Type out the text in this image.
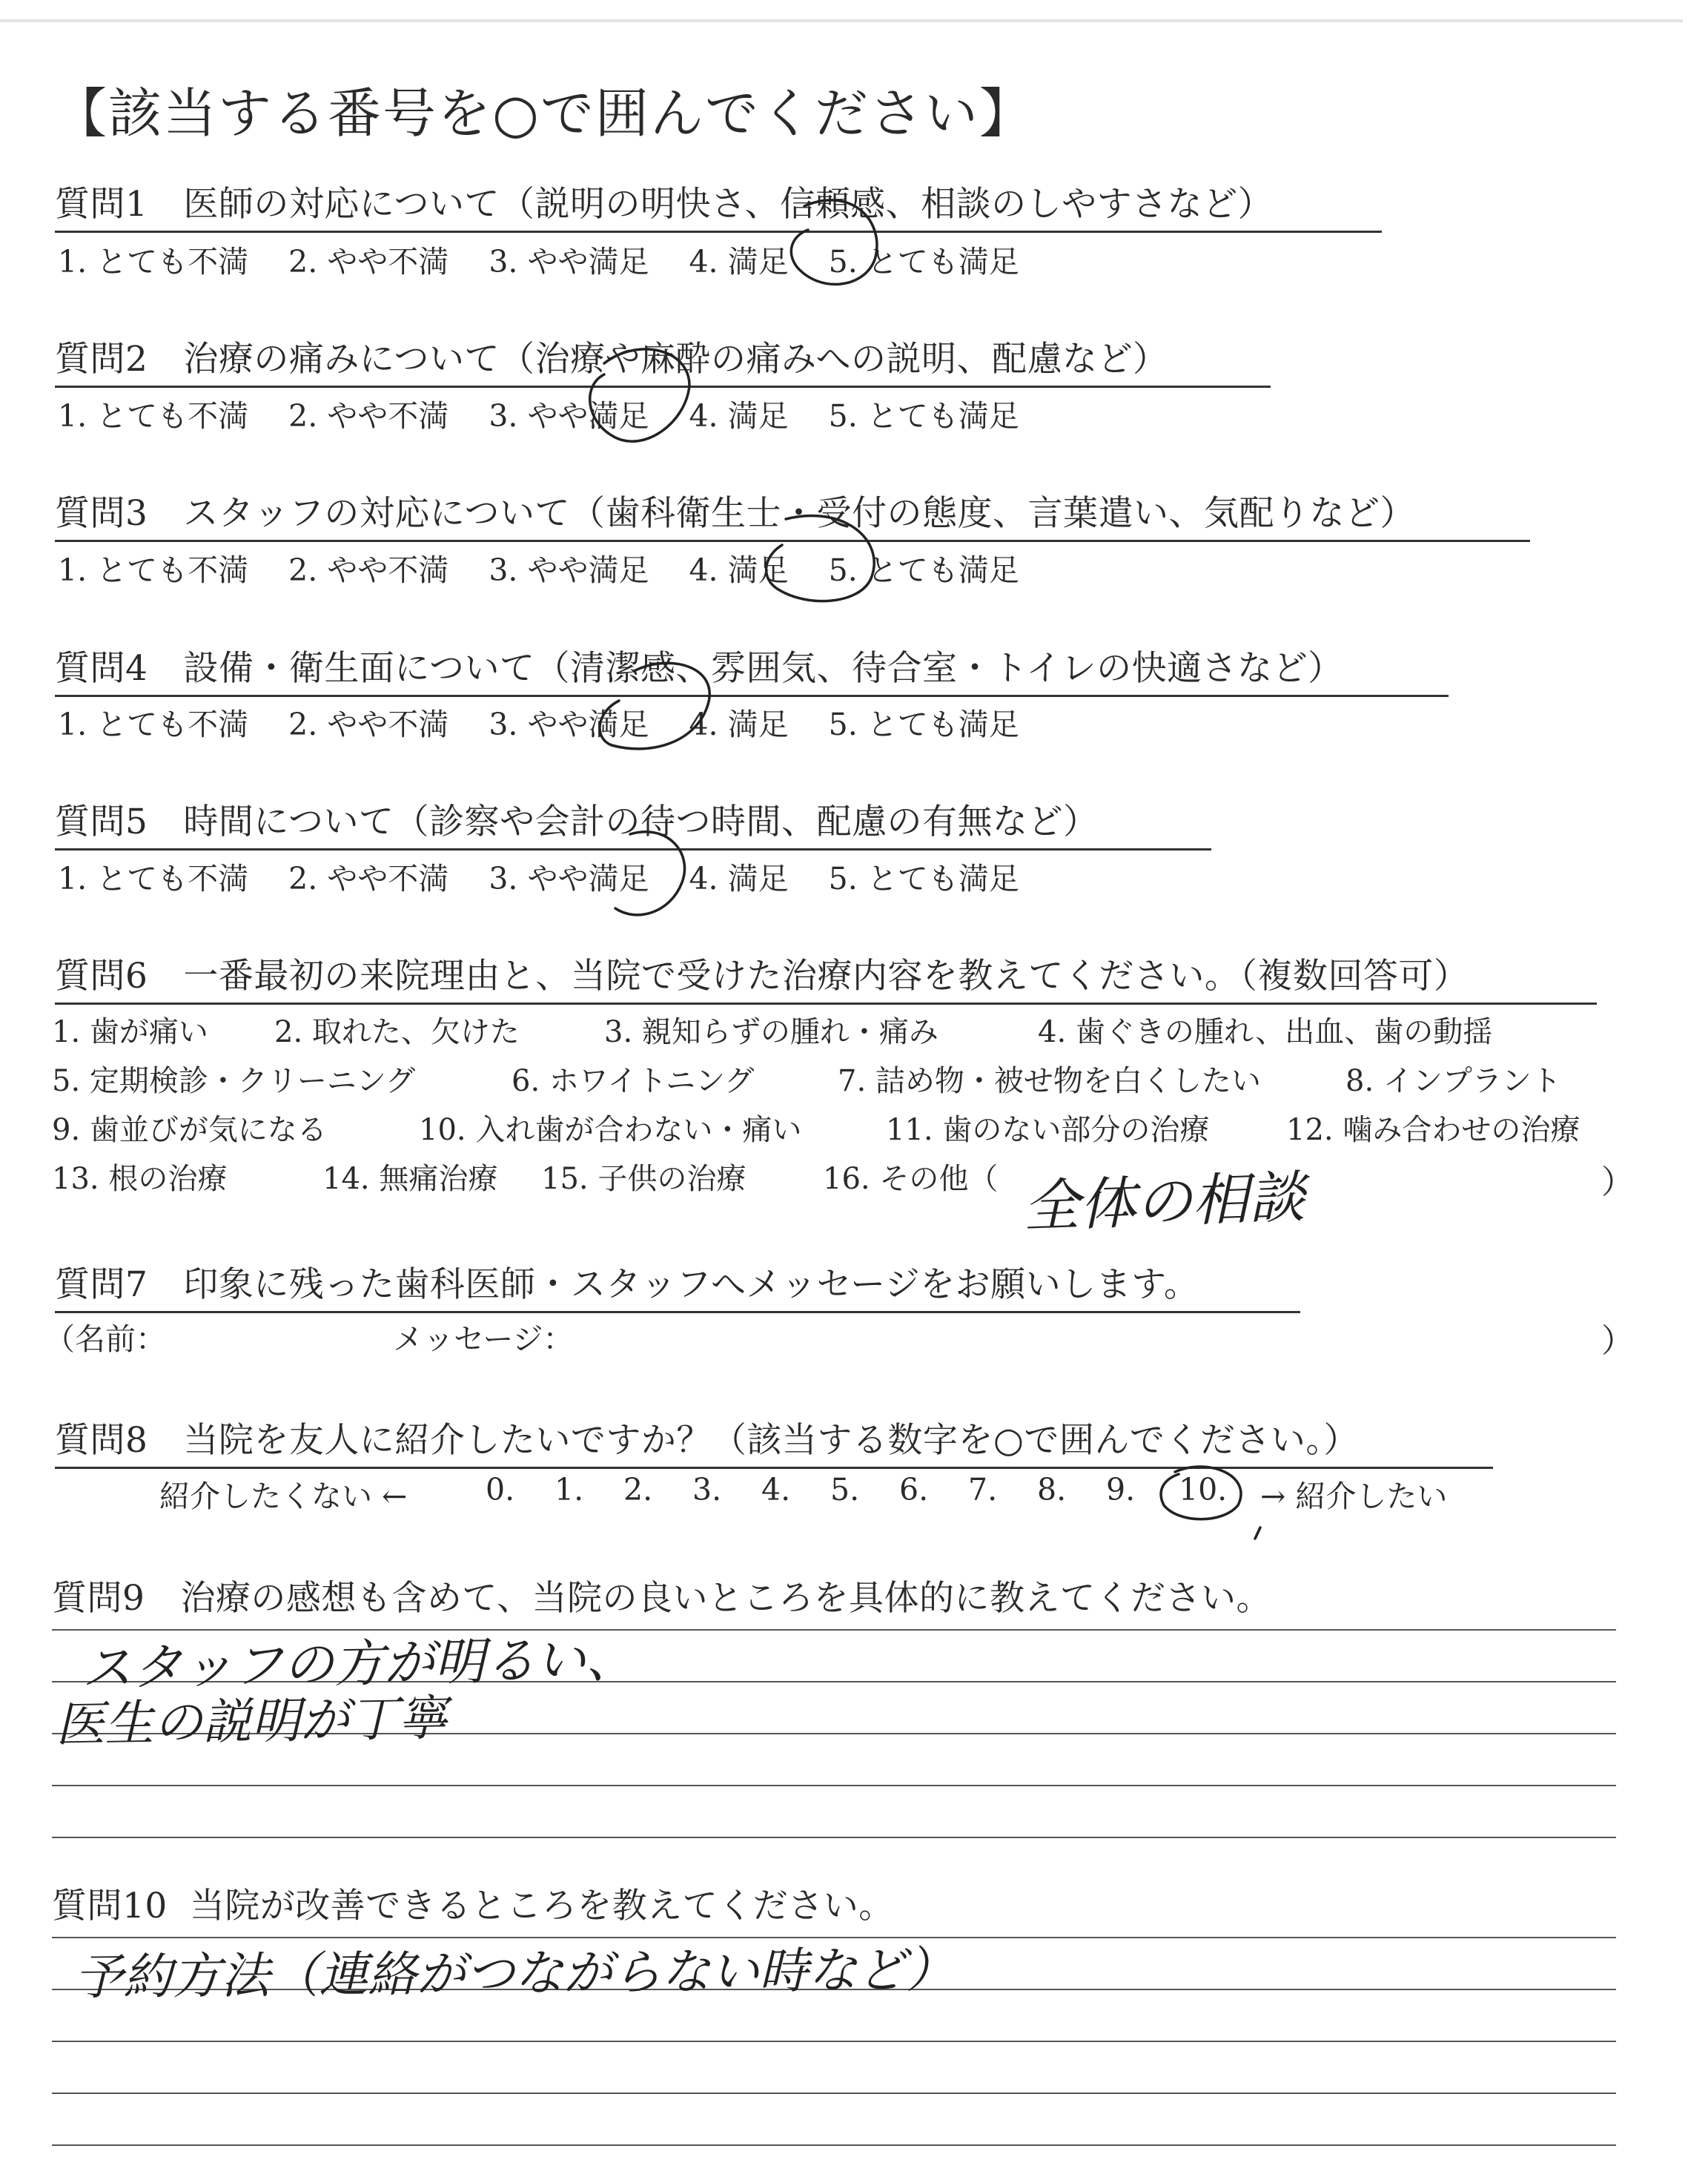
【該当する番号を○で囲んでください】
質問1 医師の対応について（説明の明快さ、信頼感、相談のしやすさなど）
1. とても不満 2. やや不満 3. やや満足 4. 満足 5. とても満足
質問2 治療の痛みについて（治療や麻酔の痛みへの説明、配慮など）
1. とても不満 2. やや不満 3. やや満足 4. 満足 5. とても満足
質問3 スタッフの対応について（歯科衛生士・受付の態度、言葉遣い、気配りなど）
1. とても不満 2. やや不満 3. やや満足 4. 満足 5. とても満足
質問4 設備・衛生面について（清潔感、雰囲気、待合室・トイレの快適さなど）
1. とても不満 2. やや不満 3. やや満足 4. 満足 5. とても満足
質問5 時間について（診察や会計の待つ時間、配慮の有無など）
1. とても不満 2. やや不満 3. やや満足 4. 満足 5. とても満足
質問6 一番最初の来院理由と、当院で受けた治療内容を教えてください。（複数回答可）
1. 歯が痛い 2. 取れた、欠けた	3. 親知らずの腫れ・痛み	4. 歯ぐきの腫れ、出血、歯の動揺
5. 定期検診・クリーニング	6. ホワイトニング	7. 詰め物・被せ物を白くしたい	8. インプラント
9. 歯並びが気になる	10. 入れ歯が合わない・痛い	11. 歯のない部分の治療	12. 噛み合わせの治療
13. 根の治療	14. 無痛治療 15. 子供の治療	16. その他（	）
全体の相談
質問7 印象に残った歯科医師・スタッフへメッセージをお願いします。
（名前：	メッセージ：	）
質問8 当院を友人に紹介したいですか？（該当する数字を○で囲んでください。）
紹介したくない ←	0. 1. 2. 3. 4. 5. 6. 7. 8. 9. 10. → 紹介したい
質問9 治療の感想も含めて、当院の良いところを具体的に教えてください。
スタッフの方が明るい、
医生の説明が丁寧
質問10 当院が改善できるところを教えてください。
予約方法（連絡がつながらない時など）
